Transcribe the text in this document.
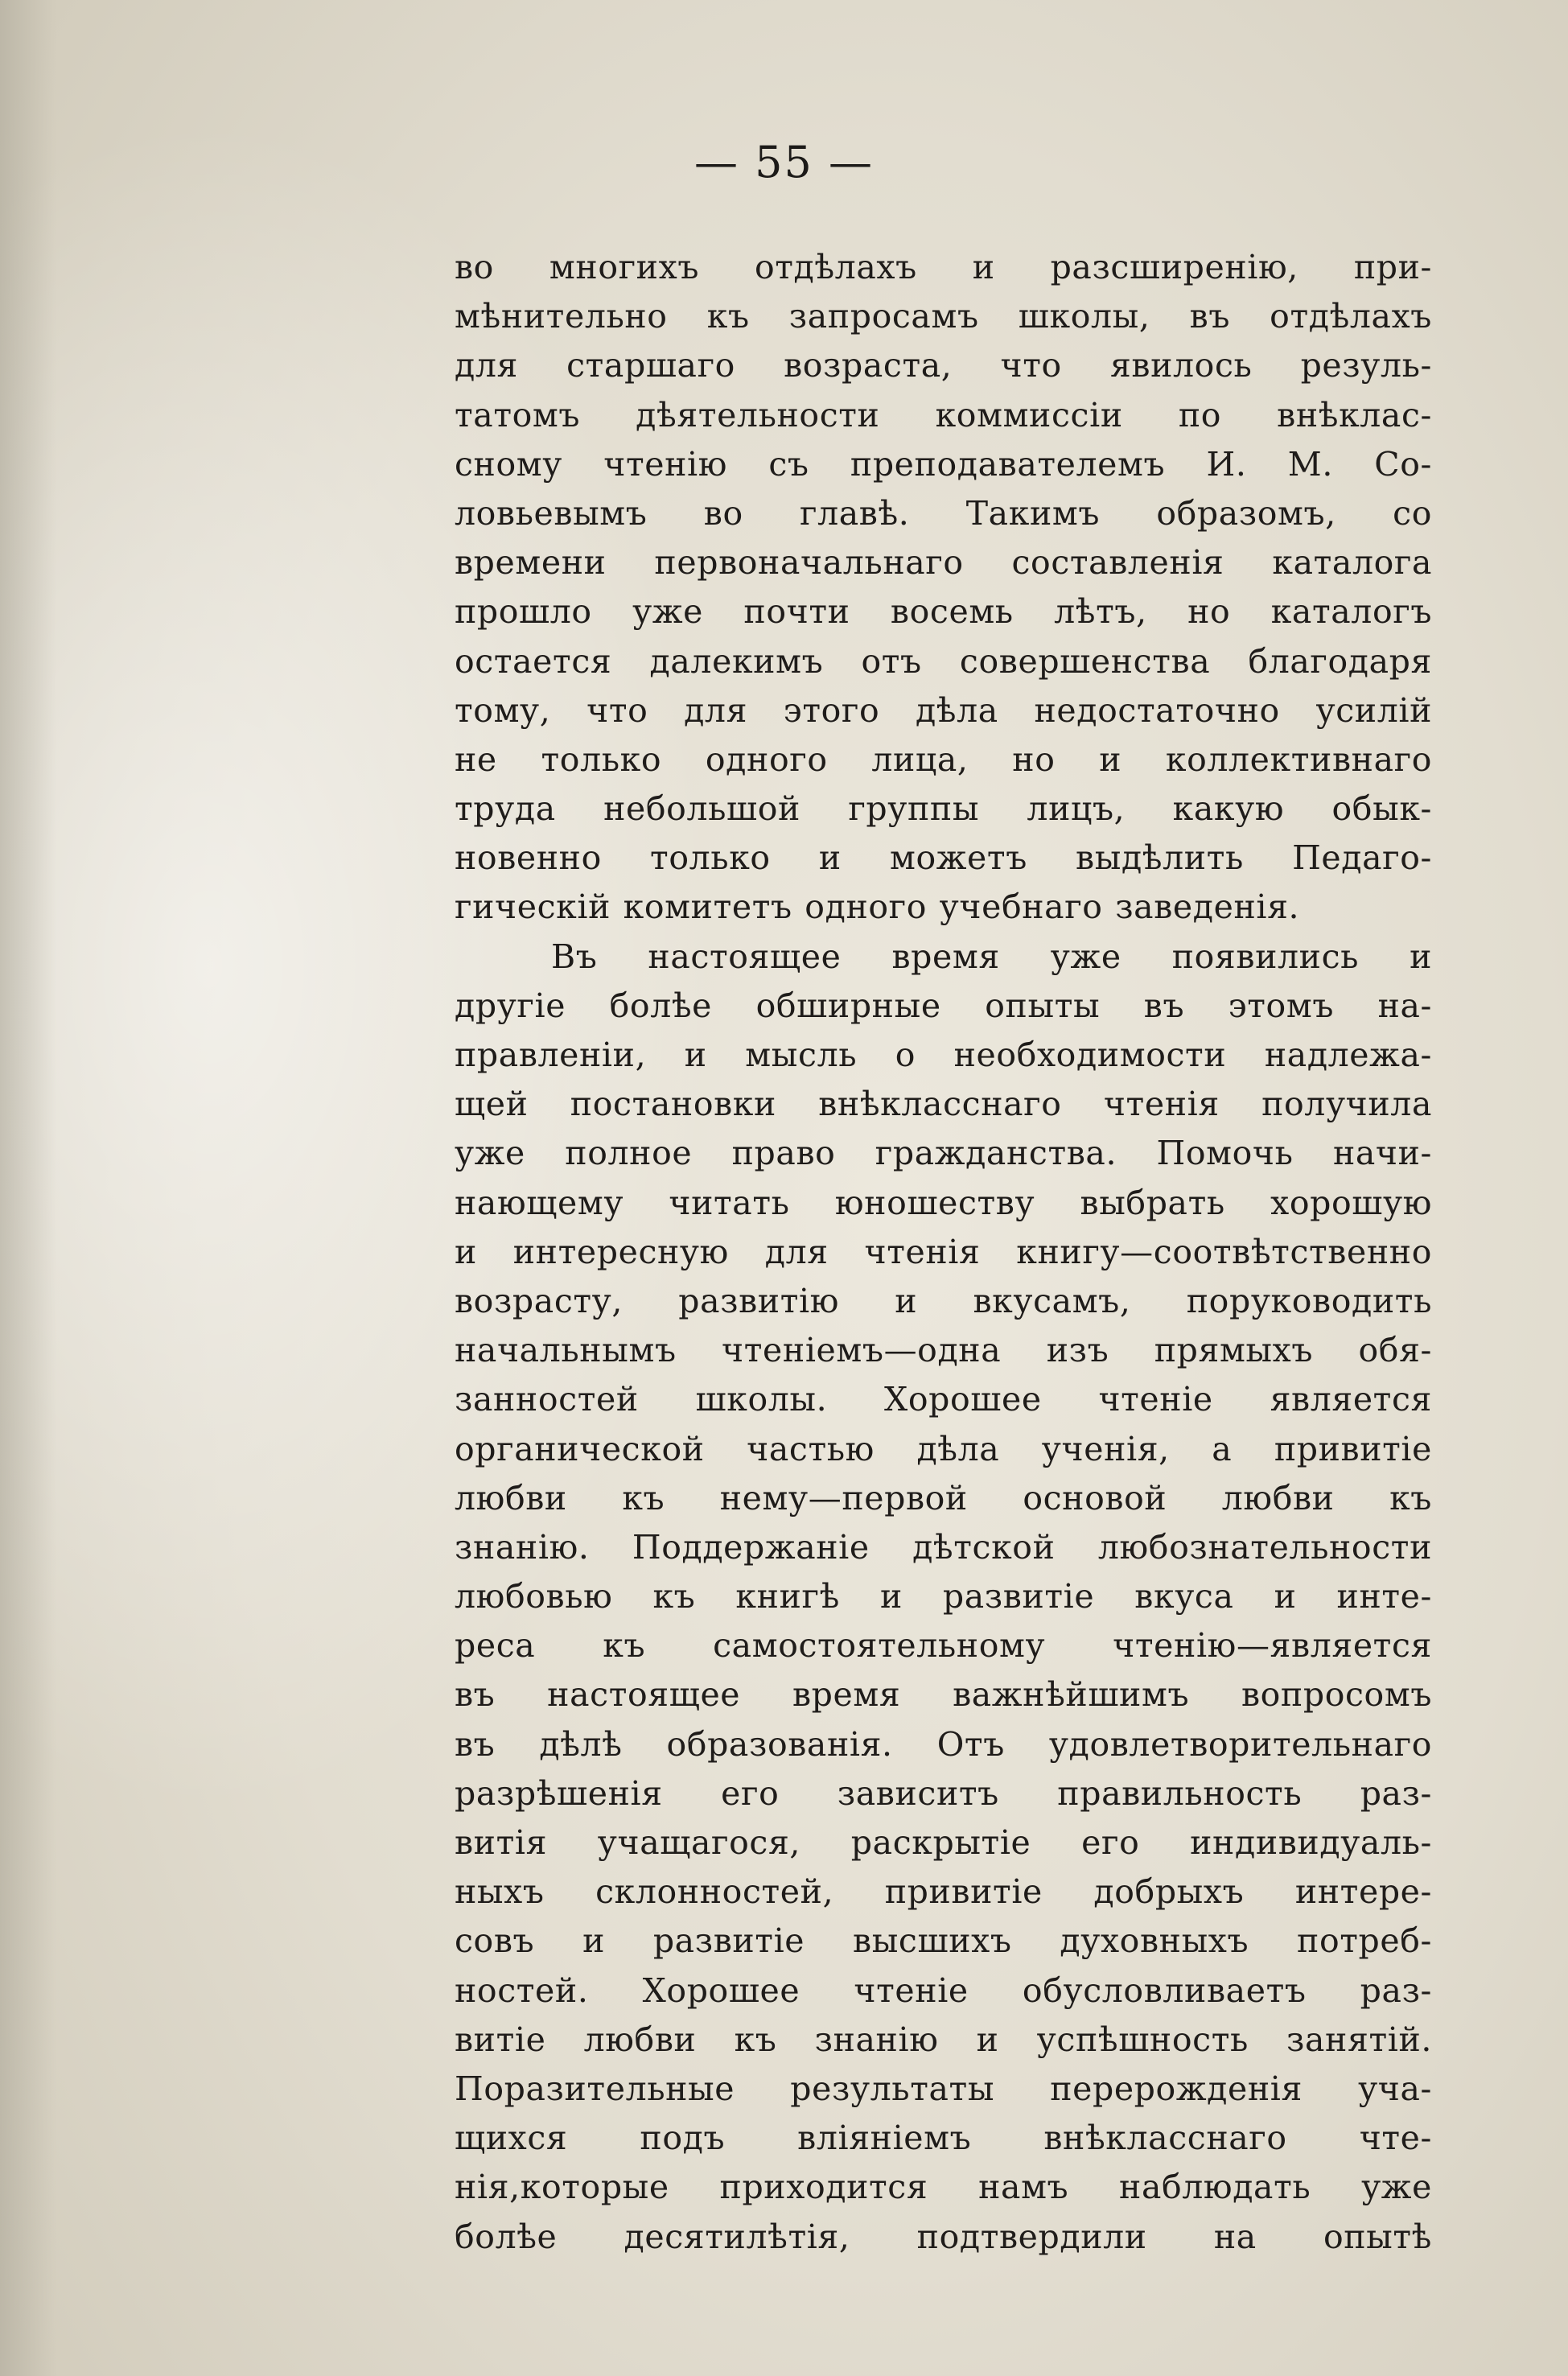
— 55 —
во многихъ отдѣлахъ и разсширенію, при-
мѣнительно къ запросамъ школы, въ отдѣлахъ
для старшаго возраста, что явилось резуль-
татомъ дѣятельности коммиссіи по внѣклас-
сному чтенію съ преподавателемъ И. М. Со-
ловьевымъ во главѣ. Такимъ образомъ, со
времени первоначальнаго составленія каталога
прошло уже почти восемь лѣтъ, но каталогъ
остается далекимъ отъ совершенства благодаря
тому, что для этого дѣла недостаточно усилій
не только одного лица, но и коллективнаго
труда небольшой группы лицъ, какую обык-
новенно только и можетъ выдѣлить Педаго-
гическій комитетъ одного учебнаго заведенія.
Въ настоящее время уже появились и
другіе болѣе обширные опыты въ этомъ на-
правленіи, и мысль о необходимости надлежа-
щей постановки внѣкласснаго чтенія получила
уже полное право гражданства. Помочь начи-
нающему читать юношеству выбрать хорошую
и интересную для чтенія книгу—соотвѣтственно
возрасту, развитію и вкусамъ, поруководить
начальнымъ чтеніемъ—одна изъ прямыхъ обя-
занностей школы. Хорошее чтеніе является
органической частью дѣла ученія, а привитіе
любви къ нему—первой основой любви къ
знанію. Поддержаніе дѣтской любознательности
любовью къ книгѣ и развитіе вкуса и инте-
реса къ самостоятельному чтенію—является
въ настоящее время важнѣйшимъ вопросомъ
въ дѣлѣ образованія. Отъ удовлетворительнаго
разрѣшенія его зависитъ правильность раз-
витія учащагося, раскрытіе его индивидуаль-
ныхъ склонностей, привитіе добрыхъ интере-
совъ и развитіе высшихъ духовныхъ потреб-
ностей. Хорошее чтеніе обусловливаетъ раз-
витіе любви къ знанію и успѣшность занятій.
Поразительные результаты перерожденія уча-
щихся подъ вліяніемъ внѣкласснаго чте-
нія,которые приходится намъ наблюдать уже
болѣе десятилѣтія, подтвердили на опытѣ
